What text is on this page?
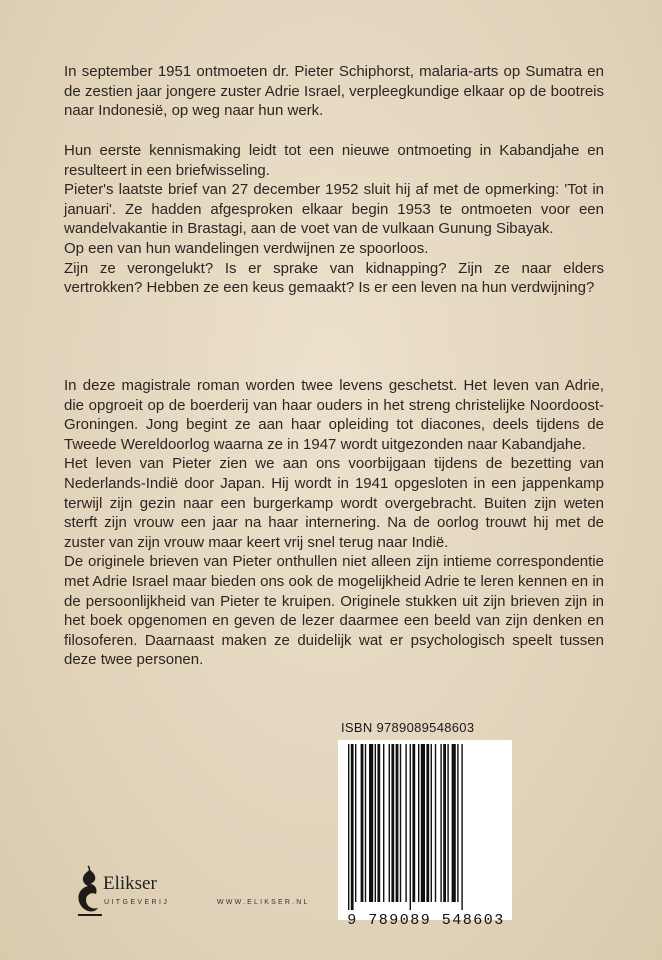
In september 1951 ontmoeten dr. Pieter Schiphorst, malaria-arts op Sumatra en de zestien jaar jongere zuster Adrie Israel, verpleegkundige elkaar op de bootreis naar Indonesië, op weg naar hun werk.

Hun eerste kennismaking leidt tot een nieuwe ontmoeting in Kabandjahe en resulteert in een briefwisseling.

Pieter's laatste brief van 27 december 1952 sluit hij af met de opmerking: 'Tot in januari'. Ze hadden afgesproken elkaar begin 1953 te ontmoeten voor een wandelvakantie in Brastagi, aan de voet van de vulkaan Gunung Sibayak.

Op een van hun wandelingen verdwijnen ze spoorloos.

Zijn ze verongelukt? Is er sprake van kidnapping? Zijn ze naar elders vertrokken? Hebben ze een keus gemaakt? Is er een leven na hun verdwijning?

In deze magistrale roman worden twee levens geschetst. Het leven van Adrie, die opgroeit op de boerderij van haar ouders in het streng christelijke Noordoost-Groningen. Jong begint ze aan haar opleiding tot diacones, deels tijdens de Tweede Wereldoorlog waarna ze in 1947 wordt uitgezonden naar Kabandjahe.

Het leven van Pieter zien we aan ons voorbijgaan tijdens de bezetting van Nederlands-Indië door Japan. Hij wordt in 1941 opgesloten in een jappenkamp terwijl zijn gezin naar een burgerkamp wordt overgebracht. Buiten zijn weten sterft zijn vrouw een jaar na haar internering. Na de oorlog trouwt hij met de zuster van zijn vrouw maar keert vrij snel terug naar Indië.

De originele brieven van Pieter onthullen niet alleen zijn intieme correspondentie met Adrie Israel maar bieden ons ook de mogelijkheid Adrie te leren kennen en in de persoonlijkheid van Pieter te kruipen. Originele stukken uit zijn brieven zijn in het boek opgenomen en geven de lezer daarmee een beeld van zijn denken en filosoferen. Daarnaast maken ze duidelijk wat er psychologisch speelt tussen deze twee personen.

ISBN 9789089548603
9 789089 548603
Elikser
UITGEVERIJ	WWW.ELIKSER.NL
